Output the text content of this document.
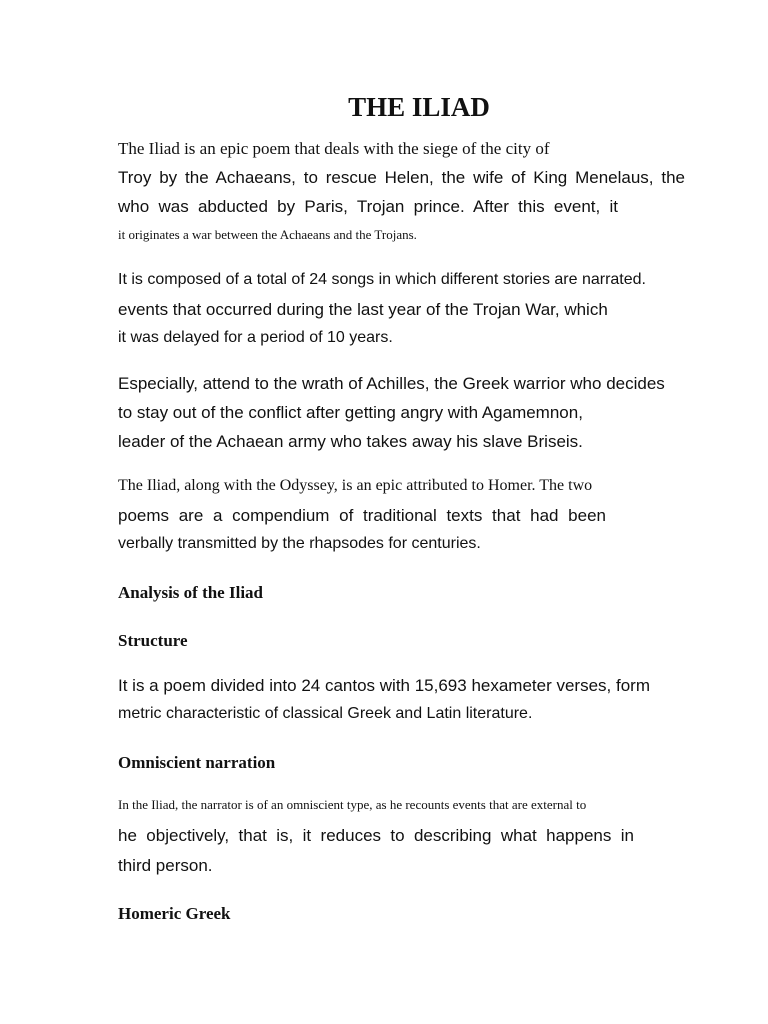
THE ILIAD

The Iliad is an epic poem that deals with the siege of the city of

Troy by the Achaeans, to rescue Helen, the wife of King Menelaus, the

who was abducted by Paris, Trojan prince. After this event, it

it originates a war between the Achaeans and the Trojans.

It is composed of a total of 24 songs in which different stories are narrated.

events that occurred during the last year of the Trojan War, which

it was delayed for a period of 10 years.

Especially, attend to the wrath of Achilles, the Greek warrior who decides

to stay out of the conflict after getting angry with Agamemnon,

leader of the Achaean army who takes away his slave Briseis.

The Iliad, along with the Odyssey, is an epic attributed to Homer. The two

poems are a compendium of traditional texts that had been

verbally transmitted by the rhapsodes for centuries.

Analysis of the Iliad

Structure

It is a poem divided into 24 cantos with 15,693 hexameter verses, form

metric characteristic of classical Greek and Latin literature.

Omniscient narration

In the Iliad, the narrator is of an omniscient type, as he recounts events that are external to

he objectively, that is, it reduces to describing what happens in

third person.

Homeric Greek
